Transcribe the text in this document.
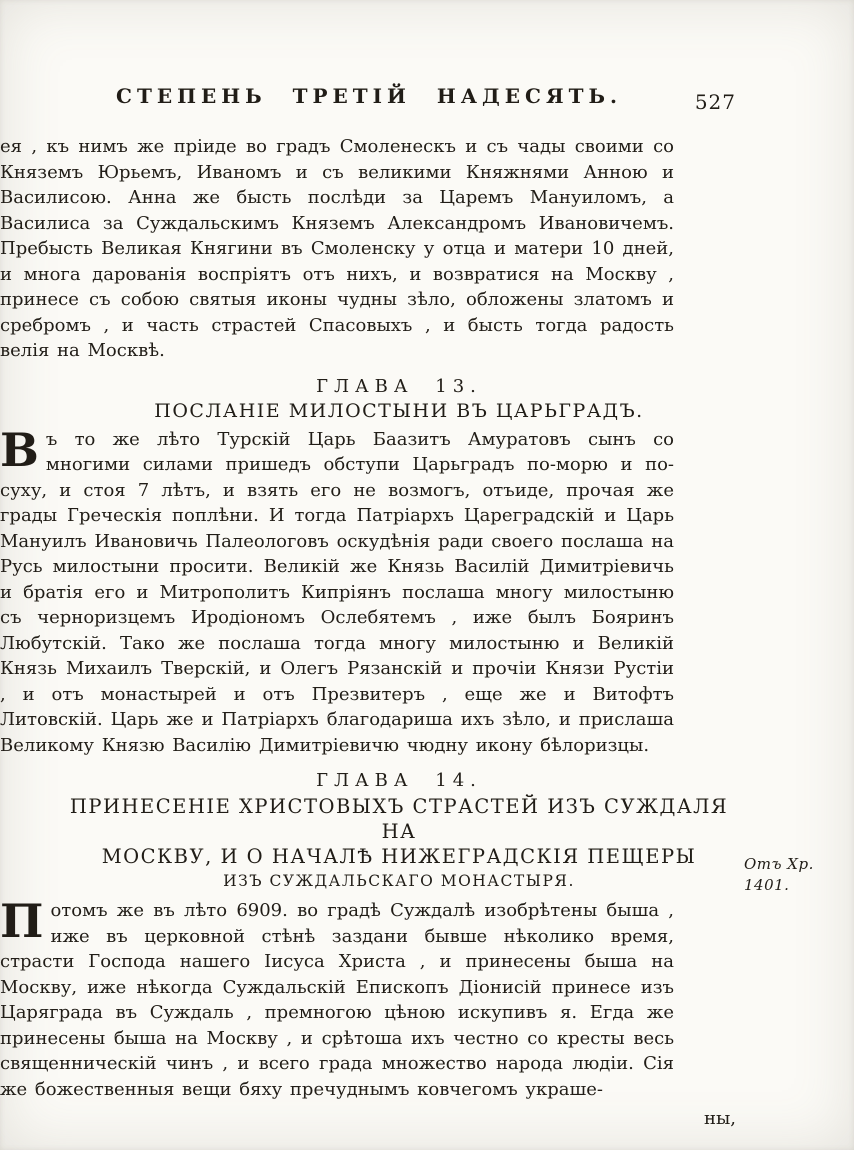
СТЕПЕНЬ ТРЕТІЙ НАДЕСЯТЬ.	527

ея , къ нимъ же пріиде во градъ Смоленескъ и съ чады своими со Княземъ Юрьемъ, Иваномъ и съ великими Княжнями Анною и Василисою. Анна же бысть послѣди за Царемъ Мануиломъ, а Василиса за Суждальскимъ Княземъ Александромъ Ивановичемъ. Пребысть Великая Княгини въ Смоленску у отца и матери 10 дней, и многа дарованія воспріятъ отъ нихъ, и возвратися на Москву , принесе съ собою святыя иконы чудны зѣло, обложены златомъ и сребромъ , и часть страстей Спасовыхъ , и бысть тогда радость велія на Москвѣ.

ГЛАВА 13.
ПОСЛАНІЕ МИЛОСТЫНИ ВЪ ЦАРЬГРАДЪ.

Въ то же лѣто Турскій Царь Баазитъ Амуратовъ сынъ со многими силами пришедъ обступи Царьградъ по-морю и по-суху, и стоя 7 лѣтъ, и взять его не возмогъ, отъиде, прочая же грады Греческія поплѣни. И тогда Патріархъ Цареградскій и Царь Мануилъ Ивановичь Палеологовъ оскудѣнія ради своего послаша на Русь милостыни просити. Великій же Князь Василій Димитріевичь и братія его и Митрополитъ Кипріянъ послаша многу милостыню съ черноризцемъ Иродіономъ Ослебятемъ , иже былъ Бояринъ Любутскій. Тако же послаша тогда многу милостыню и Великій Князь Михаилъ Тверскій, и Олегъ Рязанскій и прочіи Князи Рустіи , и отъ монастырей и отъ Презвитеръ , еще же и Витофтъ Литовскій. Царь же и Патріархъ благодариша ихъ зѣло, и прислаша Великому Князю Василію Димитріевичю чюдну икону бѣлоризцы.

ГЛАВА 14.
ПРИНЕСЕНІЕ ХРИСТОВЫХЪ СТРАСТЕЙ ИЗЪ СУЖДАЛЯ НА
МОСКВУ, И О НАЧАЛѢ НИЖЕГРАДСКІЯ ПЕЩЕРЫ
ИЗЪ СУЖДАЛЬСКАГО МОНАСТЫРЯ.
Отъ Хр.
1401.

Потомъ же въ лѣто 6909. во градѣ Суждалѣ изобрѣтены быша , иже въ церковной стѣнѣ заздани бывше нѣколико время, страсти Господа нашего Іисуса Христа , и принесены быша на Москву, иже нѣкогда Суждальскій Епископъ Діонисій принесе изъ Царяграда въ Суждаль , премногою цѣною искупивъ я. Егда же принесены быша на Москву , и срѣтоша ихъ честно со кресты весь священническій чинъ , и всего града множество народа людіи. Сія же божественныя вещи бяху пречуднымъ ковчегомъ украше-

ны,
